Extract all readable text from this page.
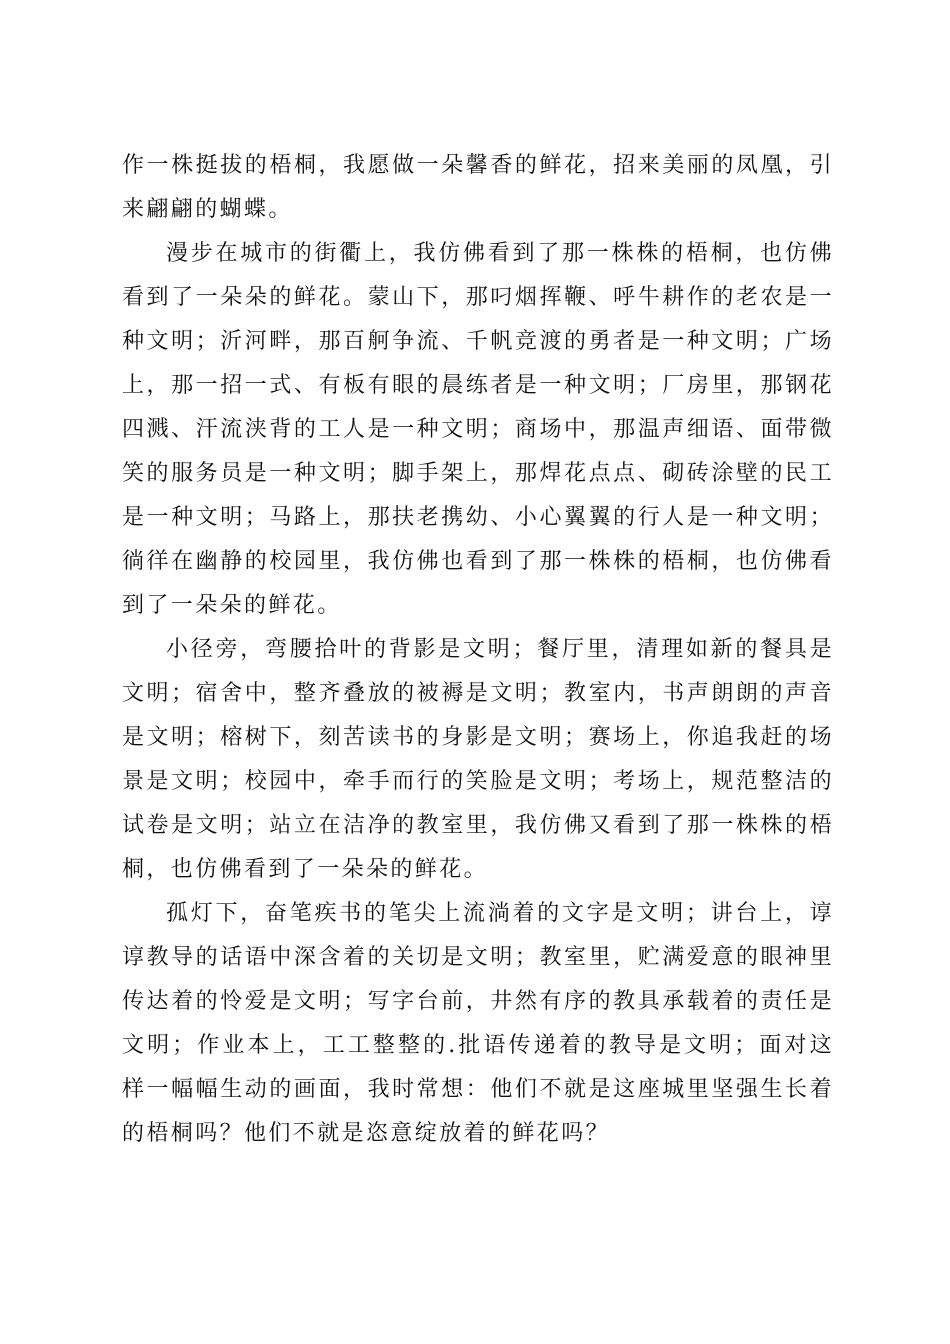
作一株挺拔的梧桐，我愿做一朵馨香的鲜花，招来美丽的凤凰，引来翩翩的蝴蝶。

漫步在城市的街衢上，我仿佛看到了那一株株的梧桐，也仿佛看到了一朵朵的鲜花。蒙山下，那叼烟挥鞭、呼牛耕作的老农是一种文明；沂河畔，那百舸争流、千帆竞渡的勇者是一种文明；广场上，那一招一式、有板有眼的晨练者是一种文明；厂房里，那钢花四溅、汗流浃背的工人是一种文明；商场中，那温声细语、面带微笑的服务员是一种文明；脚手架上，那焊花点点、砌砖涂壁的民工是一种文明；马路上，那扶老携幼、小心翼翼的行人是一种文明；徜徉在幽静的校园里，我仿佛也看到了那一株株的梧桐，也仿佛看到了一朵朵的鲜花。

小径旁，弯腰拾叶的背影是文明；餐厅里，清理如新的餐具是文明；宿舍中，整齐叠放的被褥是文明；教室内，书声朗朗的声音是文明；榕树下，刻苦读书的身影是文明；赛场上，你追我赶的场景是文明；校园中，牵手而行的笑脸是文明；考场上，规范整洁的试卷是文明；站立在洁净的教室里，我仿佛又看到了那一株株的梧桐，也仿佛看到了一朵朵的鲜花。

孤灯下，奋笔疾书的笔尖上流淌着的文字是文明；讲台上，谆谆教导的话语中深含着的关切是文明；教室里，贮满爱意的眼神里传达着的怜爱是文明；写字台前，井然有序的教具承载着的责任是文明；作业本上，工工整整的.批语传递着的教导是文明；面对这样一幅幅生动的画面，我时常想：他们不就是这座城里坚强生长着的梧桐吗？他们不就是恣意绽放着的鲜花吗？
